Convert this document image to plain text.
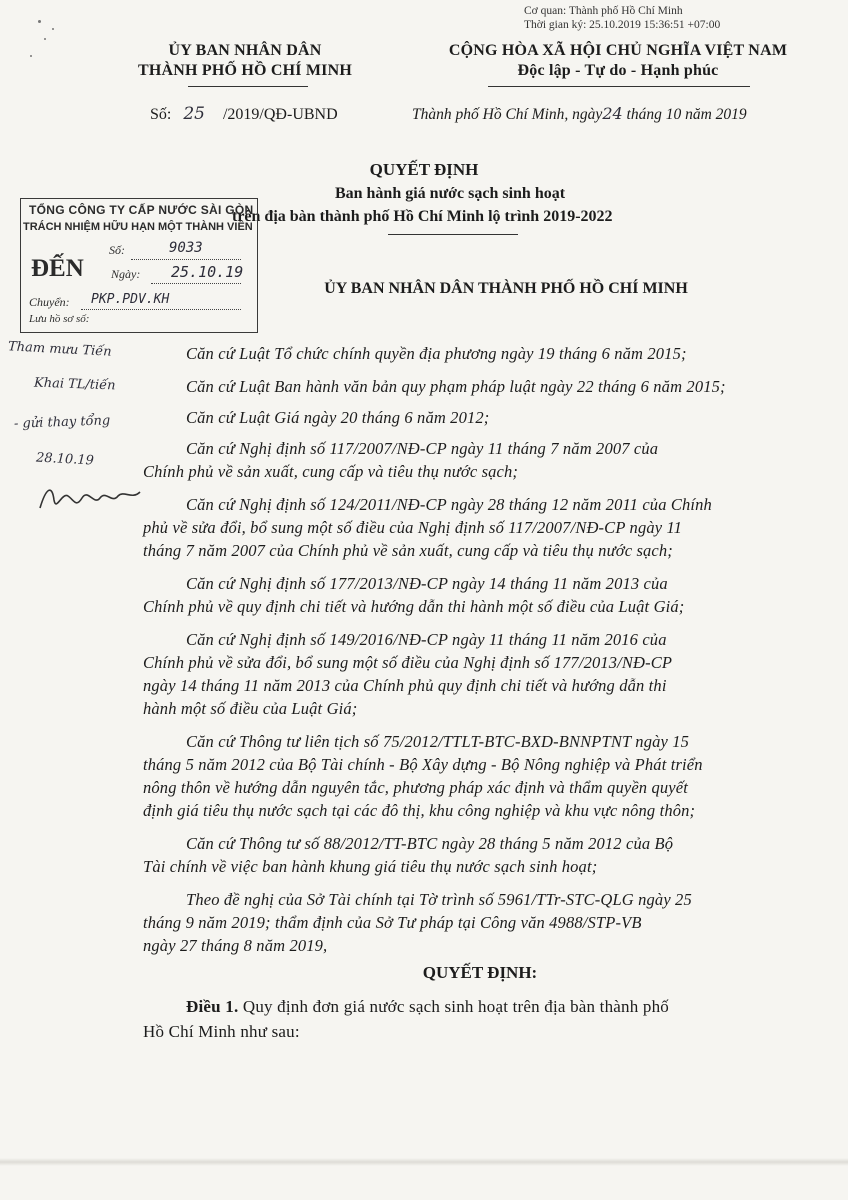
Cơ quan: Thành phố Hồ Chí Minh
Thời gian ký: 25.10.2019 15:36:51 +07:00
ỦY BAN NHÂN DÂN
THÀNH PHỐ HỒ CHÍ MINH
CỘNG HÒA XÃ HỘI CHỦ NGHĨA VIỆT NAM
Độc lập - Tự do - Hạnh phúc
Số: 25 /2019/QĐ-UBND	Thành phố Hồ Chí Minh, ngày24 tháng 10 năm 2019
QUYẾT ĐỊNH
Ban hành giá nước sạch sinh hoạt
trên địa bàn thành phố Hồ Chí Minh lộ trình 2019-2022
TỔNG CÔNG TY CẤP NƯỚC SÀI GÒN
TRÁCH NHIỆM HỮU HẠN MỘT THÀNH VIÊN
ĐẾN
Số:	9033
Ngày: 25.10.19
Chuyển: PKP.PDV.KH
Lưu hồ sơ số:
ỦY BAN NHÂN DÂN THÀNH PHỐ HỒ CHÍ MINH
Tham mưu Tiến
Khai TL/tiến
- gửi thay tổng
28.10.19
Căn cứ Luật Tổ chức chính quyền địa phương ngày 19 tháng 6 năm 2015;
Căn cứ Luật Ban hành văn bản quy phạm pháp luật ngày 22 tháng 6 năm 2015;
Căn cứ Luật Giá ngày 20 tháng 6 năm 2012;
Căn cứ Nghị định số 117/2007/NĐ-CP ngày 11 tháng 7 năm 2007 của
Chính phủ về sản xuất, cung cấp và tiêu thụ nước sạch;
Căn cứ Nghị định số 124/2011/NĐ-CP ngày 28 tháng 12 năm 2011 của Chính
phủ về sửa đổi, bổ sung một số điều của Nghị định số 117/2007/NĐ-CP ngày 11
tháng 7 năm 2007 của Chính phủ về sản xuất, cung cấp và tiêu thụ nước sạch;
Căn cứ Nghị định số 177/2013/NĐ-CP ngày 14 tháng 11 năm 2013 của
Chính phủ về quy định chi tiết và hướng dẫn thi hành một số điều của Luật Giá;
Căn cứ Nghị định số 149/2016/NĐ-CP ngày 11 tháng 11 năm 2016 của
Chính phủ về sửa đổi, bổ sung một số điều của Nghị định số 177/2013/NĐ-CP
ngày 14 tháng 11 năm 2013 của Chính phủ quy định chi tiết và hướng dẫn thi
hành một số điều của Luật Giá;
Căn cứ Thông tư liên tịch số 75/2012/TTLT-BTC-BXD-BNNPTNT ngày 15
tháng 5 năm 2012 của Bộ Tài chính - Bộ Xây dựng - Bộ Nông nghiệp và Phát triển
nông thôn về hướng dẫn nguyên tắc, phương pháp xác định và thẩm quyền quyết
định giá tiêu thụ nước sạch tại các đô thị, khu công nghiệp và khu vực nông thôn;
Căn cứ Thông tư số 88/2012/TT-BTC ngày 28 tháng 5 năm 2012 của Bộ
Tài chính về việc ban hành khung giá tiêu thụ nước sạch sinh hoạt;
Theo đề nghị của Sở Tài chính tại Tờ trình số 5961/TTr-STC-QLG ngày 25
tháng 9 năm 2019; thẩm định của Sở Tư pháp tại Công văn 4988/STP-VB
ngày 27 tháng 8 năm 2019,
QUYẾT ĐỊNH:
Điều 1. Quy định đơn giá nước sạch sinh hoạt trên địa bàn thành phố
Hồ Chí Minh như sau:
